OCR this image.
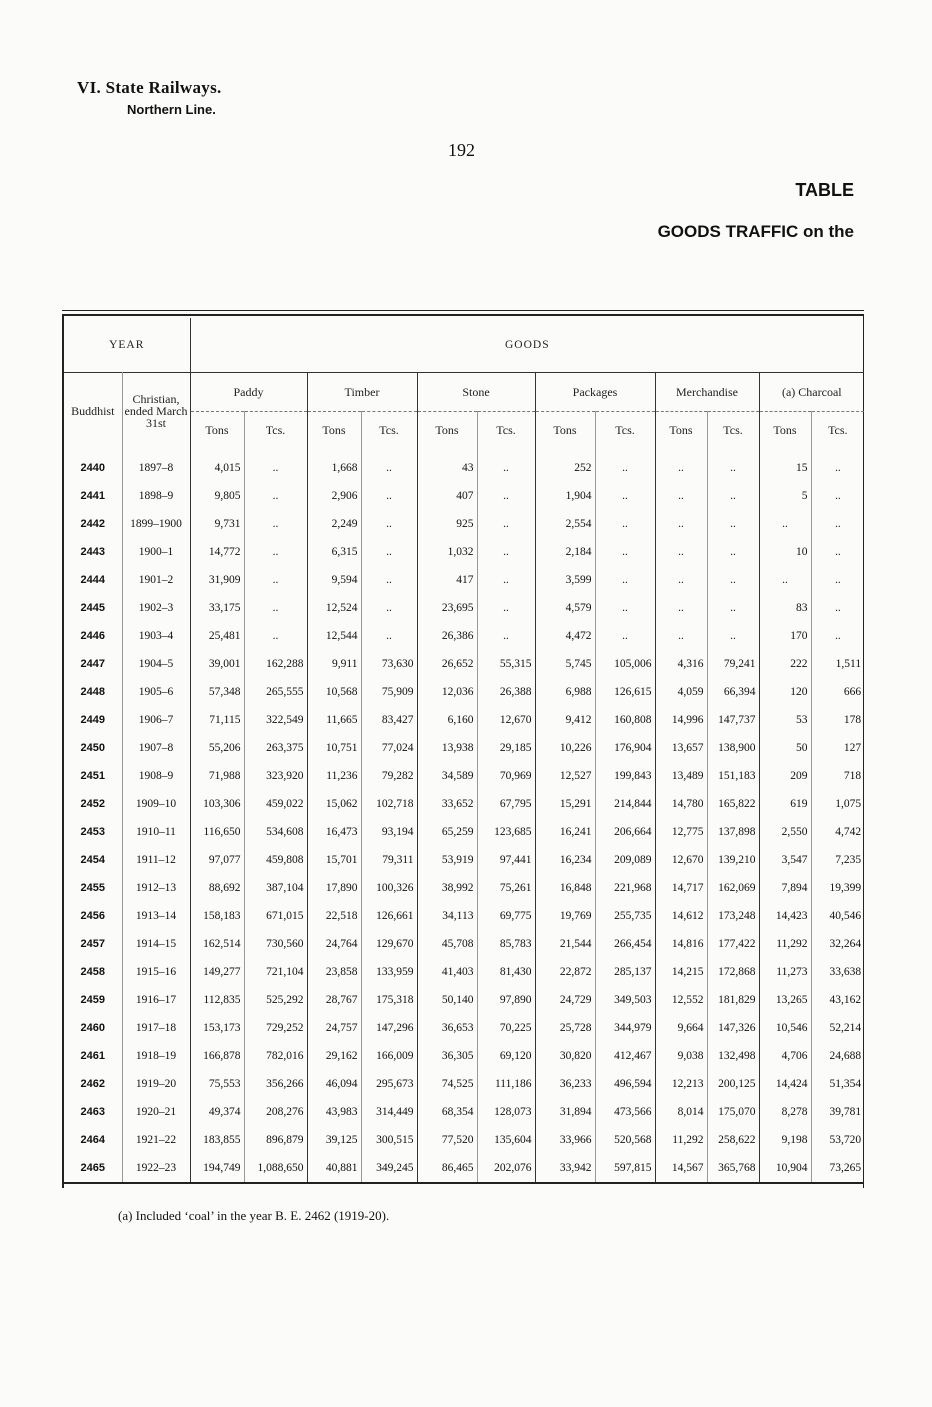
VI. State Railways.
Northern Line.
192
TABLE
GOODS TRAFFIC on the
YEAR		GOODS											
Buddhist	Christian, ended March 31st	Paddy		Timber		Stone		Packages		Merchandise		(a) Charcoal	
		Tons	Tcs.	Tons	Tcs.	Tons	Tcs.	Tons	Tcs.	Tons	Tcs.	Tons	Tcs.
2440	1897–8	4,015	..	1,668	..	43	..	252	..	..	..	15	..
2441	1898–9	9,805	..	2,906	..	407	..	1,904	..	..	..	5	..
2442	1899–1900	9,731	..	2,249	..	925	..	2,554	..	..	..	..	..
2443	1900–1	14,772	..	6,315	..	1,032	..	2,184	..	..	..	10	..
2444	1901–2	31,909	..	9,594	..	417	..	3,599	..	..	..	..	..
2445	1902–3	33,175	..	12,524	..	23,695	..	4,579	..	..	..	83	..
2446	1903–4	25,481	..	12,544	..	26,386	..	4,472	..	..	..	170	..
2447	1904–5	39,001	162,288	9,911	73,630	26,652	55,315	5,745	105,006	4,316	79,241	222	1,511
2448	1905–6	57,348	265,555	10,568	75,909	12,036	26,388	6,988	126,615	4,059	66,394	120	666
2449	1906–7	71,115	322,549	11,665	83,427	6,160	12,670	9,412	160,808	14,996	147,737	53	178
2450	1907–8	55,206	263,375	10,751	77,024	13,938	29,185	10,226	176,904	13,657	138,900	50	127
2451	1908–9	71,988	323,920	11,236	79,282	34,589	70,969	12,527	199,843	13,489	151,183	209	718
2452	1909–10	103,306	459,022	15,062	102,718	33,652	67,795	15,291	214,844	14,780	165,822	619	1,075
2453	1910–11	116,650	534,608	16,473	93,194	65,259	123,685	16,241	206,664	12,775	137,898	2,550	4,742
2454	1911–12	97,077	459,808	15,701	79,311	53,919	97,441	16,234	209,089	12,670	139,210	3,547	7,235
2455	1912–13	88,692	387,104	17,890	100,326	38,992	75,261	16,848	221,968	14,717	162,069	7,894	19,399
2456	1913–14	158,183	671,015	22,518	126,661	34,113	69,775	19,769	255,735	14,612	173,248	14,423	40,546
2457	1914–15	162,514	730,560	24,764	129,670	45,708	85,783	21,544	266,454	14,816	177,422	11,292	32,264
2458	1915–16	149,277	721,104	23,858	133,959	41,403	81,430	22,872	285,137	14,215	172,868	11,273	33,638
2459	1916–17	112,835	525,292	28,767	175,318	50,140	97,890	24,729	349,503	12,552	181,829	13,265	43,162
2460	1917–18	153,173	729,252	24,757	147,296	36,653	70,225	25,728	344,979	9,664	147,326	10,546	52,214
2461	1918–19	166,878	782,016	29,162	166,009	36,305	69,120	30,820	412,467	9,038	132,498	4,706	24,688
2462	1919–20	75,553	356,266	46,094	295,673	74,525	111,186	36,233	496,594	12,213	200,125	14,424	51,354
2463	1920–21	49,374	208,276	43,983	314,449	68,354	128,073	31,894	473,566	8,014	175,070	8,278	39,781
2464	1921–22	183,855	896,879	39,125	300,515	77,520	135,604	33,966	520,568	11,292	258,622	9,198	53,720
2465	1922–23	194,749	1,088,650	40,881	349,245	86,465	202,076	33,942	597,815	14,567	365,768	10,904	73,265
(a) Included ‘coal’ in the year B. E. 2462 (1919-20).
